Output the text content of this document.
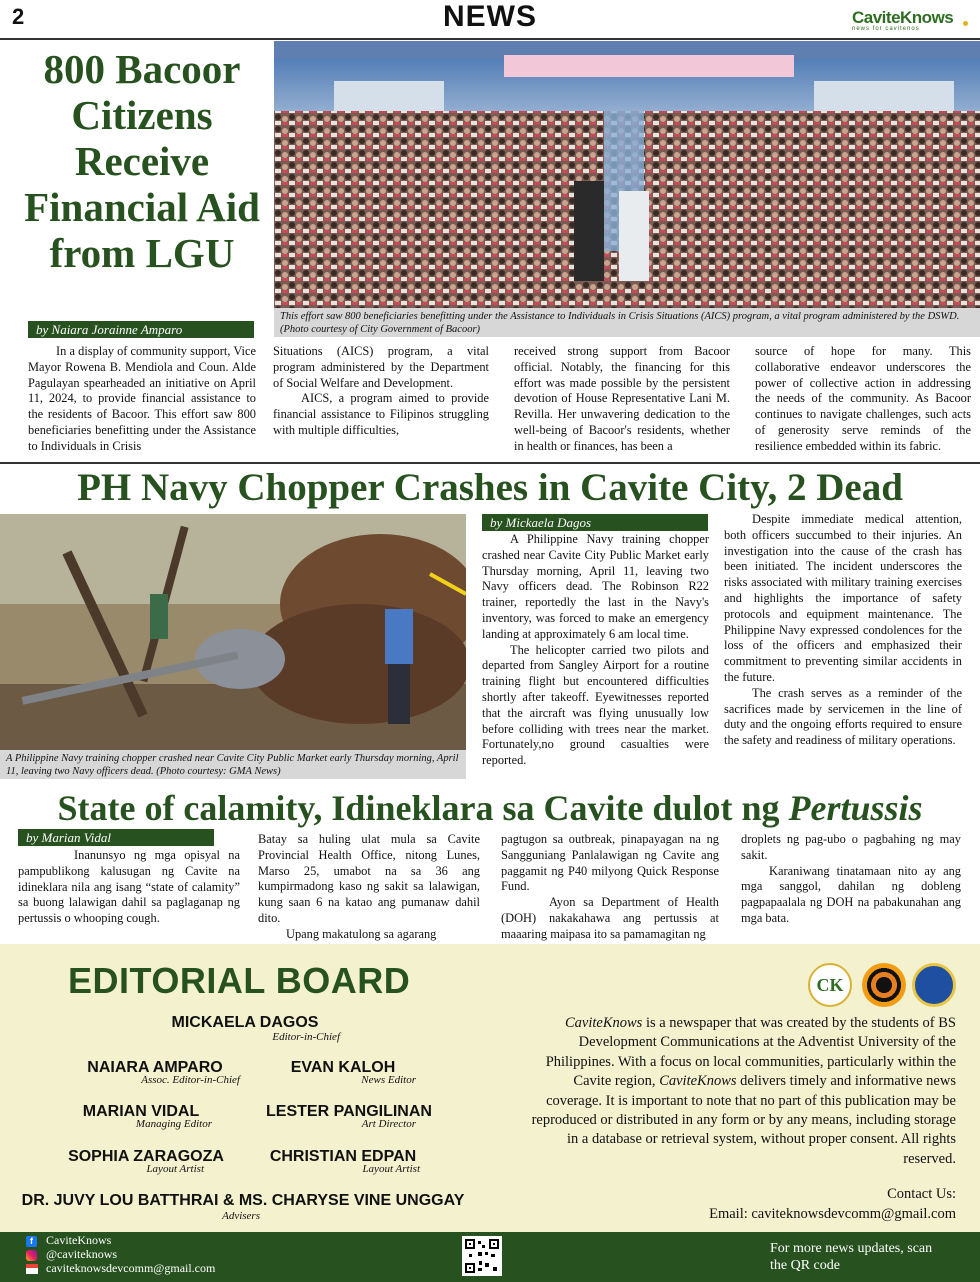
2	NEWS	CaviteKnows
news for cavitenos
800 Bacoor Citizens Receive Financial Aid from LGU
by Naiara Jorainne Amparo
This effort saw 800 beneficiaries benefitting under the Assistance to Individuals in Crisis Situations (AICS) program, a vital program administered by the DSWD. (Photo courtesy of City Government of Bacoor)

In a display of community support, Vice Mayor Rowena B. Mendiola and Coun. Alde Pagulayan spearheaded an initiative on April 11, 2024, to provide financial assistance to the residents of Bacoor. This effort saw 800 beneficiaries benefitting under the Assistance to Individuals in Crisis

Situations (AICS) program, a vital program administered by the Department of Social Welfare and Development.

AICS, a program aimed to provide financial assistance to Filipinos struggling with multiple difficulties,

received strong support from Bacoor official. Notably, the financing for this effort was made possible by the persistent devotion of House Representative Lani M. Revilla. Her unwavering dedication to the well-being of Bacoor's residents, whether in health or finances, has been a

source of hope for many. This collaborative endeavor underscores the power of collective action in addressing the needs of the community. As Bacoor continues to navigate challenges, such acts of generosity serve reminds of the resilience embedded within its fabric.

PH Navy Chopper Crashes in Cavite City, 2 Dead
A Philippine Navy training chopper crashed near Cavite City Public Market early Thursday morning, April 11, leaving two Navy officers dead. (Photo courtesy: GMA News)
by Mickaela Dagos

A Philippine Navy training chopper crashed near Cavite City Public Market early Thursday morning, April 11, leaving two Navy officers dead. The Robinson R22 trainer, reportedly the last in the Navy's inventory, was forced to make an emergency landing at approximately 6 am local time.

The helicopter carried two pilots and departed from Sangley Airport for a routine training flight but encountered difficulties shortly after takeoff. Eyewitnesses reported that the aircraft was flying unusually low before colliding with trees near the market. Fortunately,no ground casualties were reported.

Despite immediate medical attention, both officers succumbed to their injuries. An investigation into the cause of the crash has been initiated. The incident underscores the risks associated with military training exercises and highlights the importance of safety protocols and equipment maintenance. The Philippine Navy expressed condolences for the loss of the officers and emphasized their commitment to preventing similar accidents in the future.

The crash serves as a reminder of the sacrifices made by servicemen in the line of duty and the ongoing efforts required to ensure the safety and readiness of military operations.

State of calamity, Idineklara sa Cavite dulot ng Pertussis
by Marian Vidal

Inanunsyo ng mga opisyal na pampublikong kalusugan ng Cavite na idineklara nila ang isang “state of calamity” sa buong lalawigan dahil sa paglaganap ng pertussis o whooping cough.

Batay sa huling ulat mula sa Cavite Provincial Health Office, nitong Lunes, Marso 25, umabot na sa 36 ang kumpirmadong kaso ng sakit sa lalawigan, kung saan 6 na katao ang pumanaw dahil dito.

Upang makatulong sa agarang

pagtugon sa outbreak, pinapayagan na ng Sangguniang Panlalawigan ng Cavite ang paggamit ng P40 milyong Quick Response Fund.

Ayon sa Department of Health (DOH) nakakahawa ang pertussis at maaaring maipasa ito sa pamamagitan ng

droplets ng pag-ubo o pagbahing ng may sakit.

Karaniwang tinatamaan nito ay ang mga sanggol, dahilan ng dobleng pagpapaalala ng DOH na pabakunahan ang mga bata.

EDITORIAL BOARD
MICKAELA DAGOS
Editor-in-Chief
NAIARA AMPARO
Assoc. Editor-in-Chief
EVAN KALOH
News Editor
MARIAN VIDAL
Managing Editor
LESTER PANGILINAN
Art Director
SOPHIA ZARAGOZA
Layout Artist
CHRISTIAN EDPAN
Layout Artist
DR. JUVY LOU BATTHRAI & MS. CHARYSE VINE UNGGAY
Advisers
CK
CaviteKnows is a newspaper that was created by the students of BS Development Communications at the Adventist University of the Philippines. With a focus on local communities, particularly within the Cavite region, CaviteKnows delivers timely and informative news coverage. It is important to note that no part of this publication may be reproduced or distributed in any form or by any means, including storage in a database or retrieval system, without proper consent. All rights reserved.
Contact Us:
Email: caviteknowsdevcomm@gmail.com
f	CaviteKnows
@caviteknows
caviteknowsdevcomm@gmail.com
For more news updates, scan the QR code
